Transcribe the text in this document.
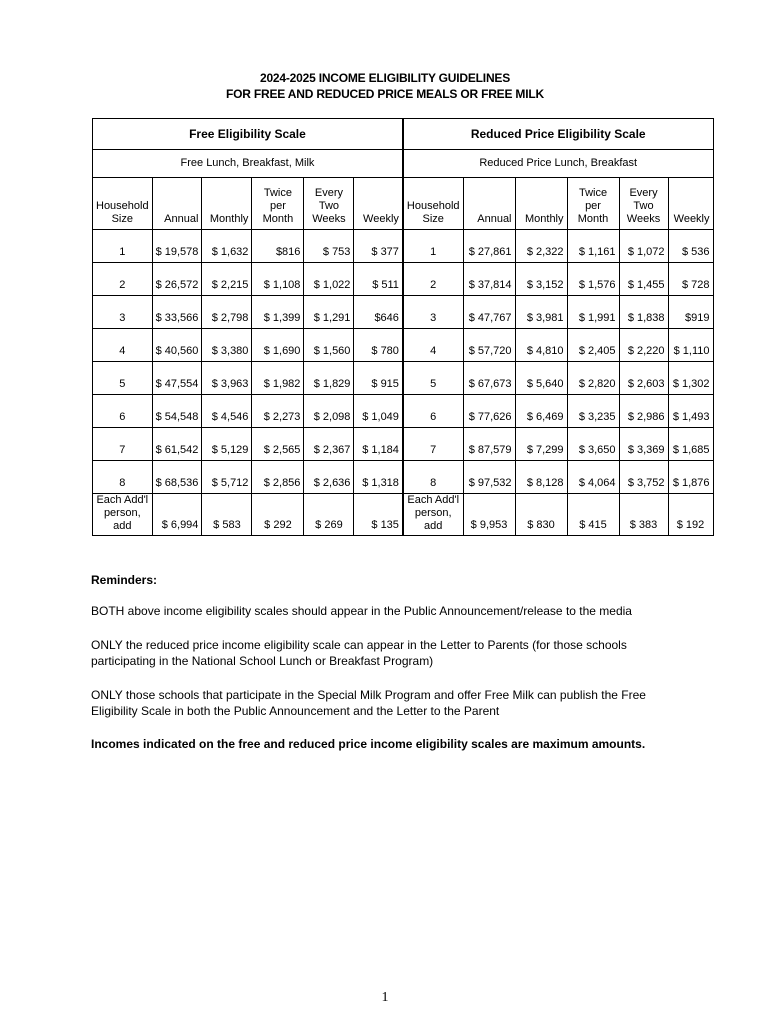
2024-2025 INCOME ELIGIBILITY GUIDELINES
FOR FREE AND REDUCED PRICE MEALS OR FREE MILK
Free Eligibility Scale						Reduced Price Eligibility Scale					
Free Lunch, Breakfast, Milk						Reduced Price Lunch, Breakfast					
Household Size	Annual	Monthly	Twice per Month	Every Two Weeks	Weekly	Household Size	Annual	Monthly	Twice per Month	Every Two Weeks	Weekly
1	$ 19,578	$ 1,632	$816	$ 753	$ 377	1	$ 27,861	$ 2,322	$ 1,161	$ 1,072	$ 536
2	$ 26,572	$ 2,215	$ 1,108	$ 1,022	$ 511	2	$ 37,814	$ 3,152	$ 1,576	$ 1,455	$ 728
3	$ 33,566	$ 2,798	$ 1,399	$ 1,291	$646	3	$ 47,767	$ 3,981	$ 1,991	$ 1,838	$919
4	$ 40,560	$ 3,380	$ 1,690	$ 1,560	$ 780	4	$ 57,720	$ 4,810	$ 2,405	$ 2,220	$ 1,110
5	$ 47,554	$ 3,963	$ 1,982	$ 1,829	$ 915	5	$ 67,673	$ 5,640	$ 2,820	$ 2,603	$ 1,302
6	$ 54,548	$ 4,546	$ 2,273	$ 2,098	$ 1,049	6	$ 77,626	$ 6,469	$ 3,235	$ 2,986	$ 1,493
7	$ 61,542	$ 5,129	$ 2,565	$ 2,367	$ 1,184	7	$ 87,579	$ 7,299	$ 3,650	$ 3,369	$ 1,685
8	$ 68,536	$ 5,712	$ 2,856	$ 2,636	$ 1,318	8	$ 97,532	$ 8,128	$ 4,064	$ 3,752	$ 1,876
Each Add'l person, add	$ 6,994	$ 583	$ 292	$ 269	$ 135	Each Add'l person, add	$ 9,953	$ 830	$ 415	$ 383	$ 192
Reminders:
BOTH above income eligibility scales should appear in the Public Announcement/release to the media
ONLY the reduced price income eligibility scale can appear in the Letter to Parents (for those schools participating in the National School Lunch or Breakfast Program)
ONLY those schools that participate in the Special Milk Program and offer Free Milk can publish the Free Eligibility Scale in both the Public Announcement and the Letter to the Parent
Incomes indicated on the free and reduced price income eligibility scales are maximum amounts.
1
